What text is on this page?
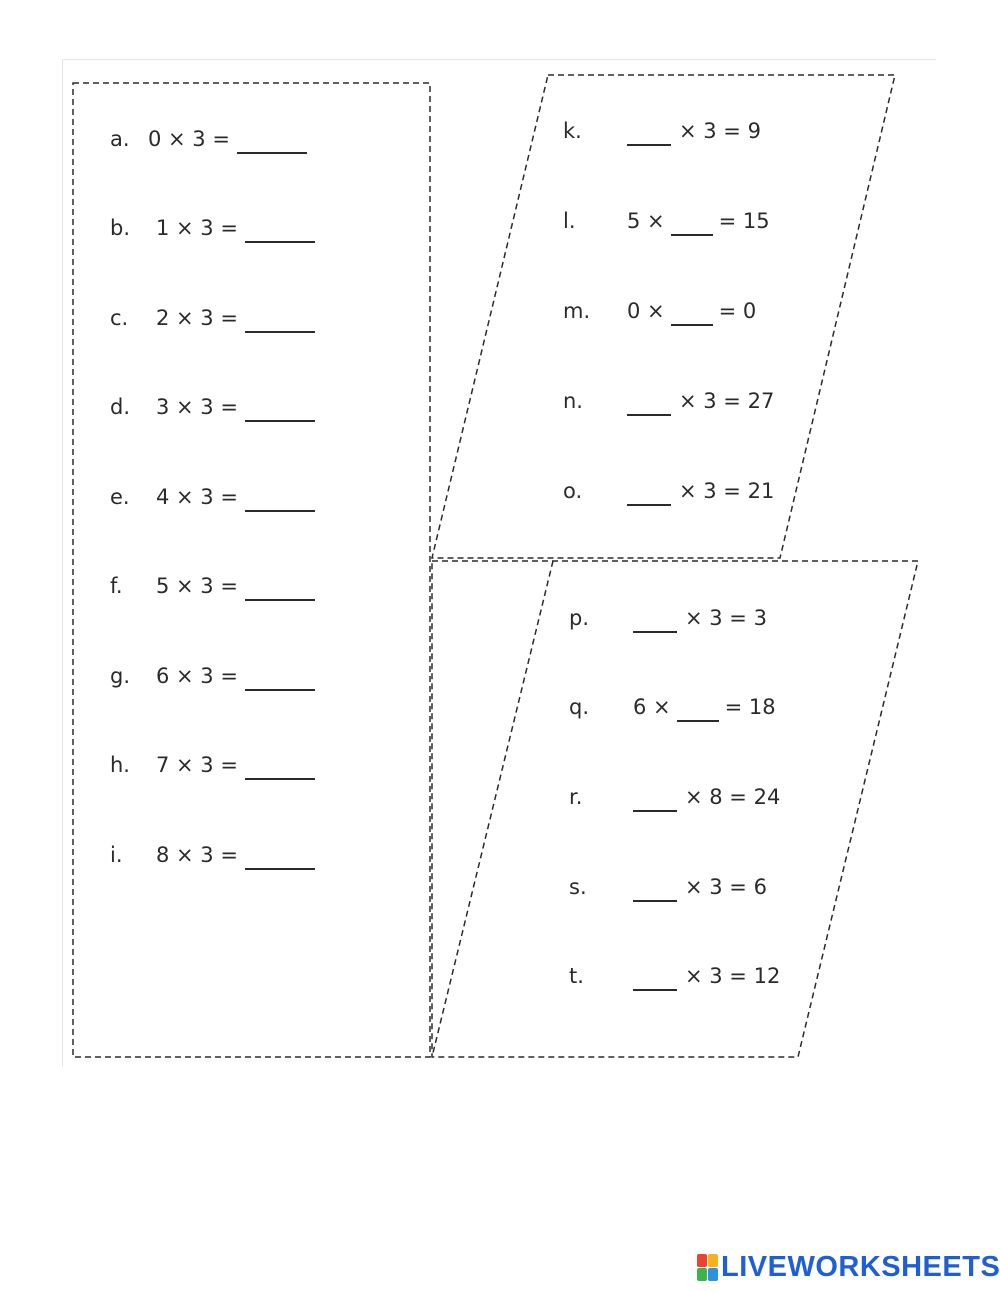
a. 0 × 3 =
b. 1 × 3 =
c. 2 × 3 =
d. 3 × 3 =
e. 4 × 3 =
f. 5 × 3 =
g. 6 × 3 =
h. 7 × 3 =
i. 8 × 3 =
k.	× 3 = 9
l. 5 ×	= 15
m. 0 ×	= 0
n.	× 3 = 27
o.	× 3 = 21
p.	× 3 = 3
q. 6 ×	= 18
r.	× 8 = 24
s.	× 3 = 6
t.	× 3 = 12
LIVEWORKSHEETS
